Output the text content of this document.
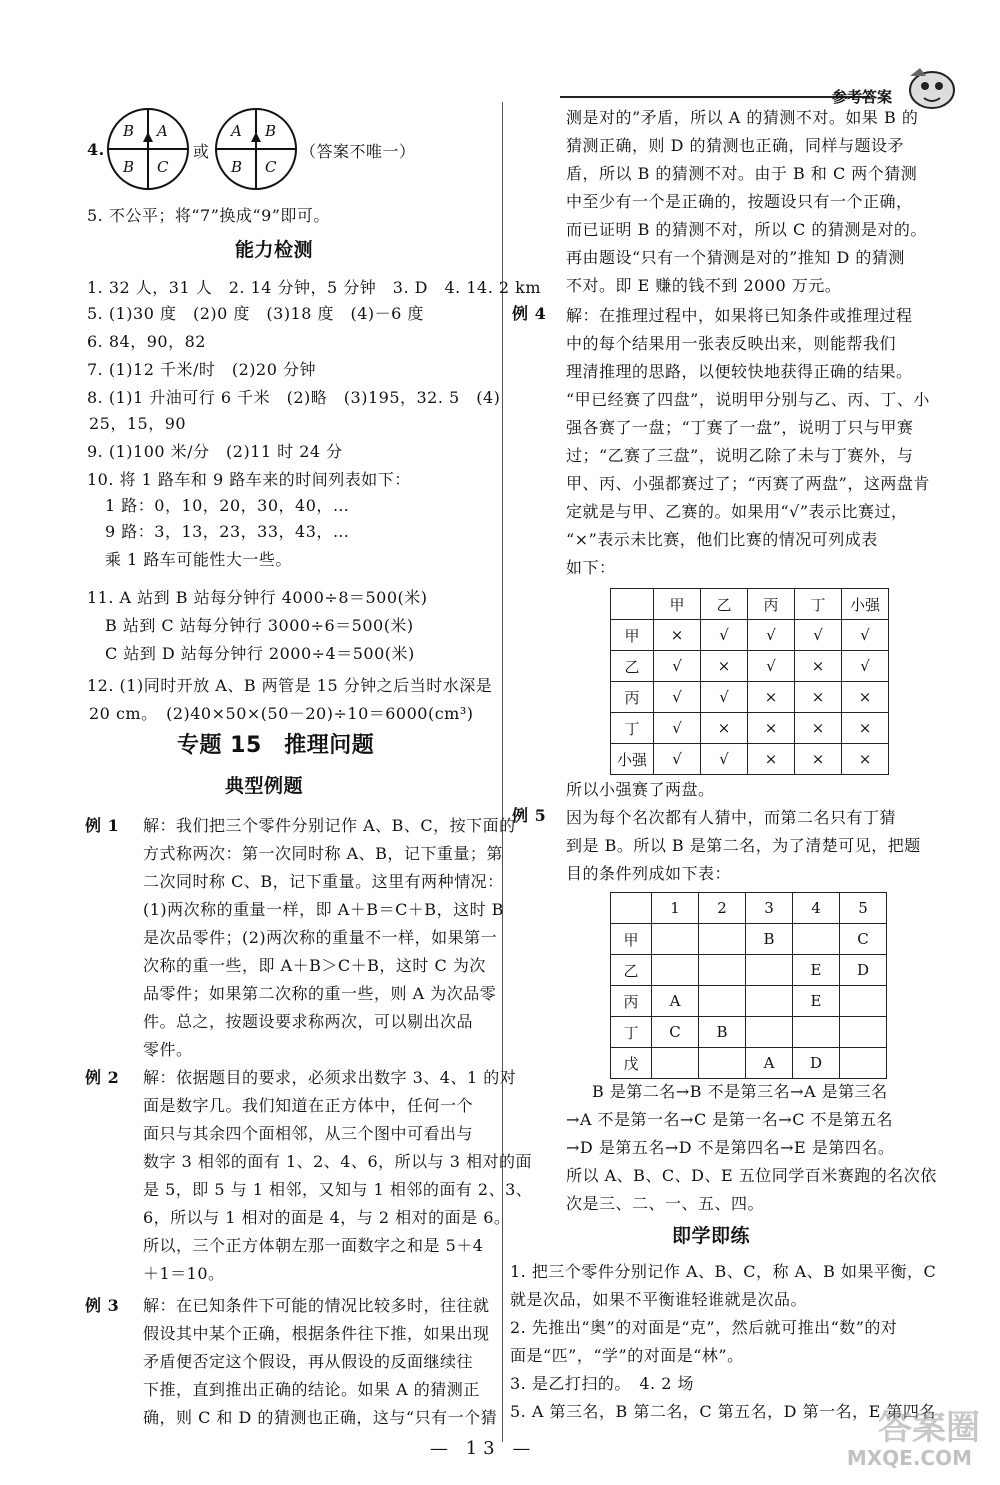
参考答案
4.
B A
B C
或
A B
B C
（答案不唯一）
5. 不公平；将“7”换成“9”即可。
能力检测
1. 32 人，31 人　2. 14 分钟，5 分钟　3. D　4. 14. 2 km
5. (1)30 度　(2)0 度　(3)18 度　(4)－6 度
6. 84，90，82
7. (1)12 千米/时　(2)20 分钟
8. (1)1 升油可行 6 千米　(2)略　(3)195，32. 5　(4)
25，15，90
9. (1)100 米/分　(2)11 时 24 分
10. 将 1 路车和 9 路车来的时间列表如下：
1 路：0，10，20，30，40，…
9 路：3，13，23，33，43，…
乘 1 路车可能性大一些。
11. A 站到 B 站每分钟行 4000÷8＝500(米)
B 站到 C 站每分钟行 3000÷6＝500(米)
C 站到 D 站每分钟行 2000÷4＝500(米)
12. (1)同时开放 A、B 两管是 15 分钟之后当时水深是
20 cm。　(2)40×50×(50－20)÷10＝6000(cm³)
专题 15　推理问题
典型例题
例 1 解：我们把三个零件分别记作 A、B、C，按下面的
方式称两次：第一次同时称 A、B，记下重量；第
二次同时称 C、B，记下重量。这里有两种情况：
(1)两次称的重量一样，即 A＋B＝C＋B，这时 B
是次品零件；(2)两次称的重量不一样，如果第一
次称的重一些，即 A＋B＞C＋B，这时 C 为次
品零件；如果第二次称的重一些，则 A 为次品零
件。总之，按题设要求称两次，可以剔出次品
零件。
例 2 解：依据题目的要求，必须求出数字 3、4、1 的对
面是数字几。我们知道在正方体中，任何一个
面只与其余四个面相邻，从三个图中可看出与
数字 3 相邻的面有 1、2、4、6，所以与 3 相对的面
是 5，即 5 与 1 相邻，又知与 1 相邻的面有 2、3、
6，所以与 1 相对的面是 4，与 2 相对的面是 6。
所以，三个正方体朝左那一面数字之和是 5＋4
＋1＝10。
例 3 解：在已知条件下可能的情况比较多时，往往就
假设其中某个正确，根据条件往下推，如果出现
矛盾便否定这个假设，再从假设的反面继续往
下推，直到推出正确的结论。如果 A 的猜测正
确，则 C 和 D 的猜测也正确，这与“只有一个猜
测是对的”矛盾，所以 A 的猜测不对。如果 B 的
猜测正确，则 D 的猜测也正确，同样与题设矛
盾，所以 B 的猜测不对。由于 B 和 C 两个猜测
中至少有一个是正确的，按题设只有一个正确，
而已证明 B 的猜测不对，所以 C 的猜测是对的。
再由题设“只有一个猜测是对的”推知 D 的猜测
不对。即 E 赚的钱不到 2000 万元。
例 4 解：在推理过程中，如果将已知条件或推理过程
中的每个结果用一张表反映出来，则能帮我们
理清推理的思路，以便较快地获得正确的结果。
“甲已经赛了四盘”，说明甲分别与乙、丙、丁、小
强各赛了一盘；“丁赛了一盘”，说明丁只与甲赛
过；“乙赛了三盘”，说明乙除了未与丁赛外，与
甲、丙、小强都赛过了；“丙赛了两盘”，这两盘肯
定就是与甲、乙赛的。如果用“√”表示比赛过，
“×”表示未比赛，他们比赛的情况可列成表
如下：
	甲	乙	丙	丁	小强
甲	×	√	√	√	√
乙	√	×	√	×	√
丙	√	√	×	×	×
丁	√	×	×	×	×
小强	√	√	×	×	×
所以小强赛了两盘。
例 5 因为每个名次都有人猜中，而第二名只有丁猜
到是 B。所以 B 是第二名，为了清楚可见，把题
目的条件列成如下表：
	1	2	3	4	5
甲			B		C
乙				E	D
丙	A			E	
丁	C	B			
戊			A	D	
B 是第二名→B 不是第三名→A 是第三名
→A 不是第一名→C 是第一名→C 不是第五名
→D 是第五名→D 不是第四名→E 是第四名。
所以 A、B、C、D、E 五位同学百米赛跑的名次依
次是三、二、一、五、四。
即学即练
1. 把三个零件分别记作 A、B、C，称 A、B 如果平衡，C
就是次品，如果不平衡谁轻谁就是次品。
2. 先推出“奥”的对面是“克”，然后就可推出“数”的对
面是“匹”，“学”的对面是“林”。
3. 是乙打扫的。　4. 2 场
5. A 第三名，B 第二名，C 第五名，D 第一名，E 第四名
— 13 —
答案圈
MXQE.COM
